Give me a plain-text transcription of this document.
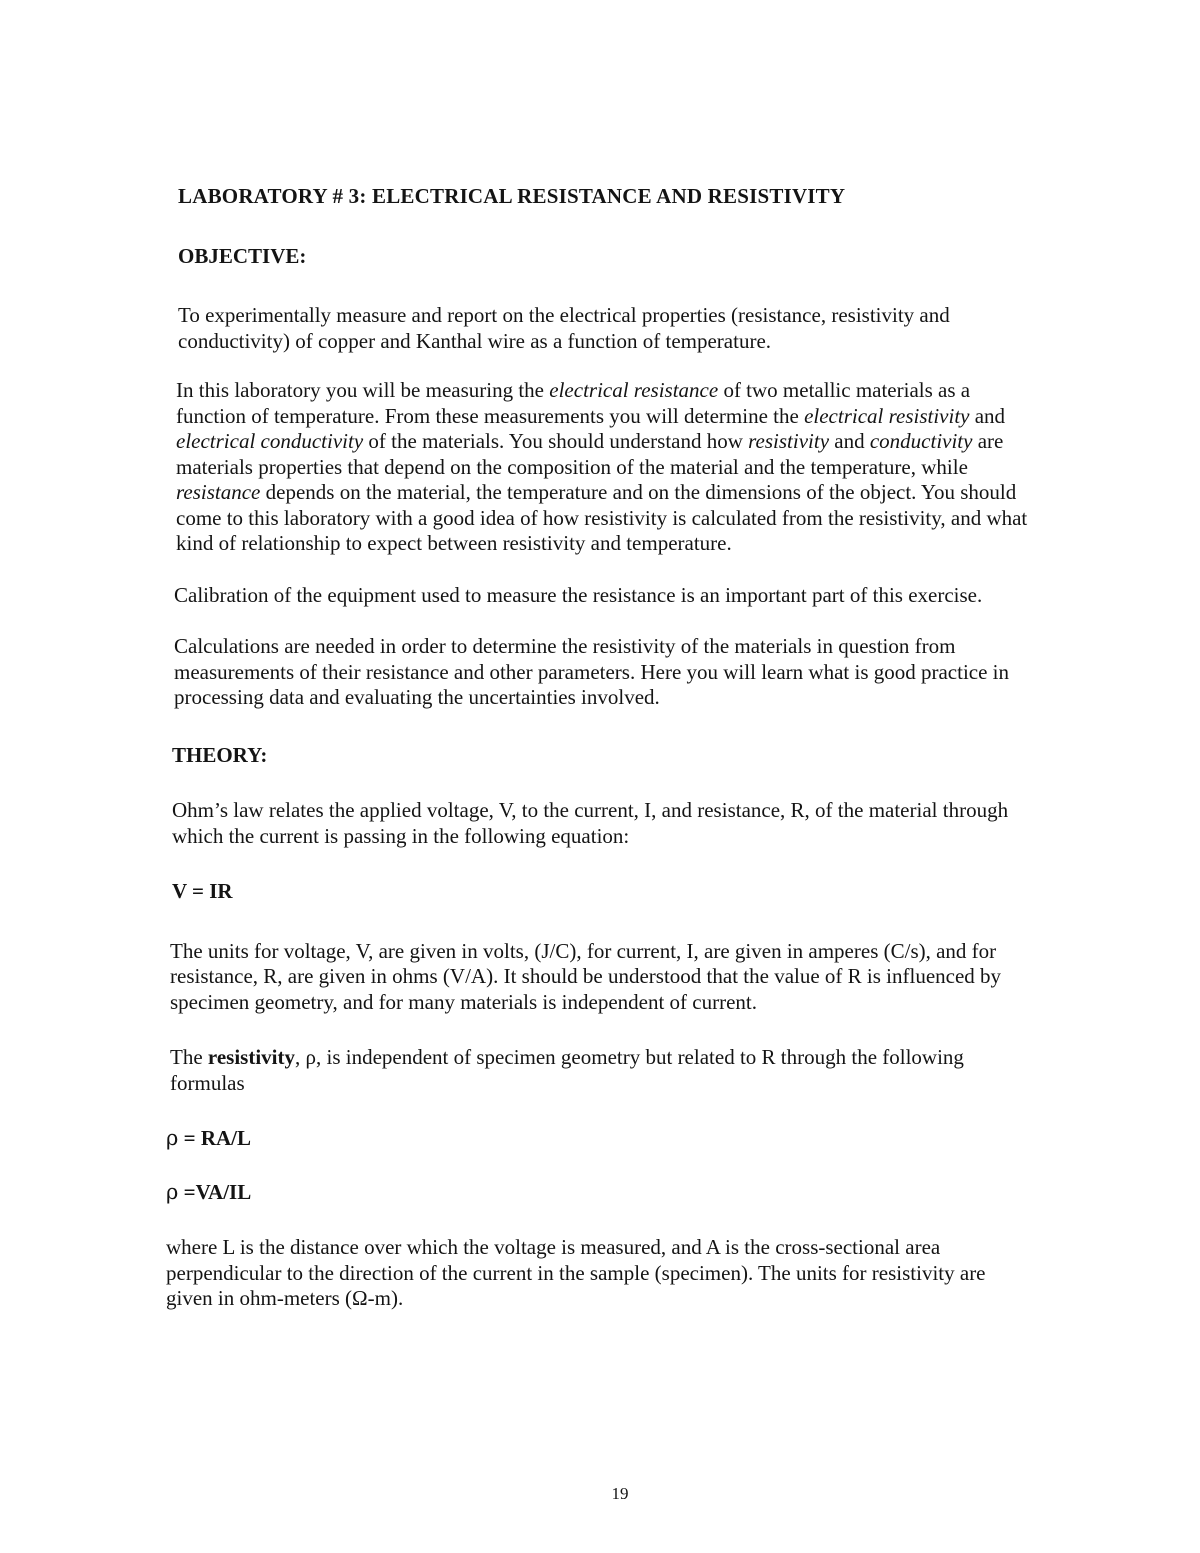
LABORATORY # 3: ELECTRICAL RESISTANCE AND RESISTIVITY
OBJECTIVE:

To experimentally measure and report on the electrical properties (resistance, resistivity and conductivity) of copper and Kanthal wire as a function of temperature.

In this laboratory you will be measuring the electrical resistance of two metallic materials as a function of temperature. From these measurements you will determine the electrical resistivity and electrical conductivity of the materials. You should understand how resistivity and conductivity are materials properties that depend on the composition of the material and the temperature, while resistance depends on the material, the temperature and on the dimensions of the object. You should come to this laboratory with a good idea of how resistivity is calculated from the resistivity, and what kind of relationship to expect between resistivity and temperature.

Calibration of the equipment used to measure the resistance is an important part of this exercise.

Calculations are needed in order to determine the resistivity of the materials in question from measurements of their resistance and other parameters. Here you will learn what is good practice in processing data and evaluating the uncertainties involved.

THEORY:

Ohm’s law relates the applied voltage, V, to the current, I, and resistance, R, of the material through which the current is passing in the following equation:

V = IR

The units for voltage, V, are given in volts, (J/C), for current, I, are given in amperes (C/s), and for resistance, R, are given in ohms (V/A). It should be understood that the value of R is influenced by specimen geometry, and for many materials is independent of current.

The resistivity, ρ, is independent of specimen geometry but related to R through the following formulas

ρ = RA/L
ρ =VA/IL

where L is the distance over which the voltage is measured, and A is the cross-sectional area perpendicular to the direction of the current in the sample (specimen). The units for resistivity are given in ohm-meters (Ω-m).

19
